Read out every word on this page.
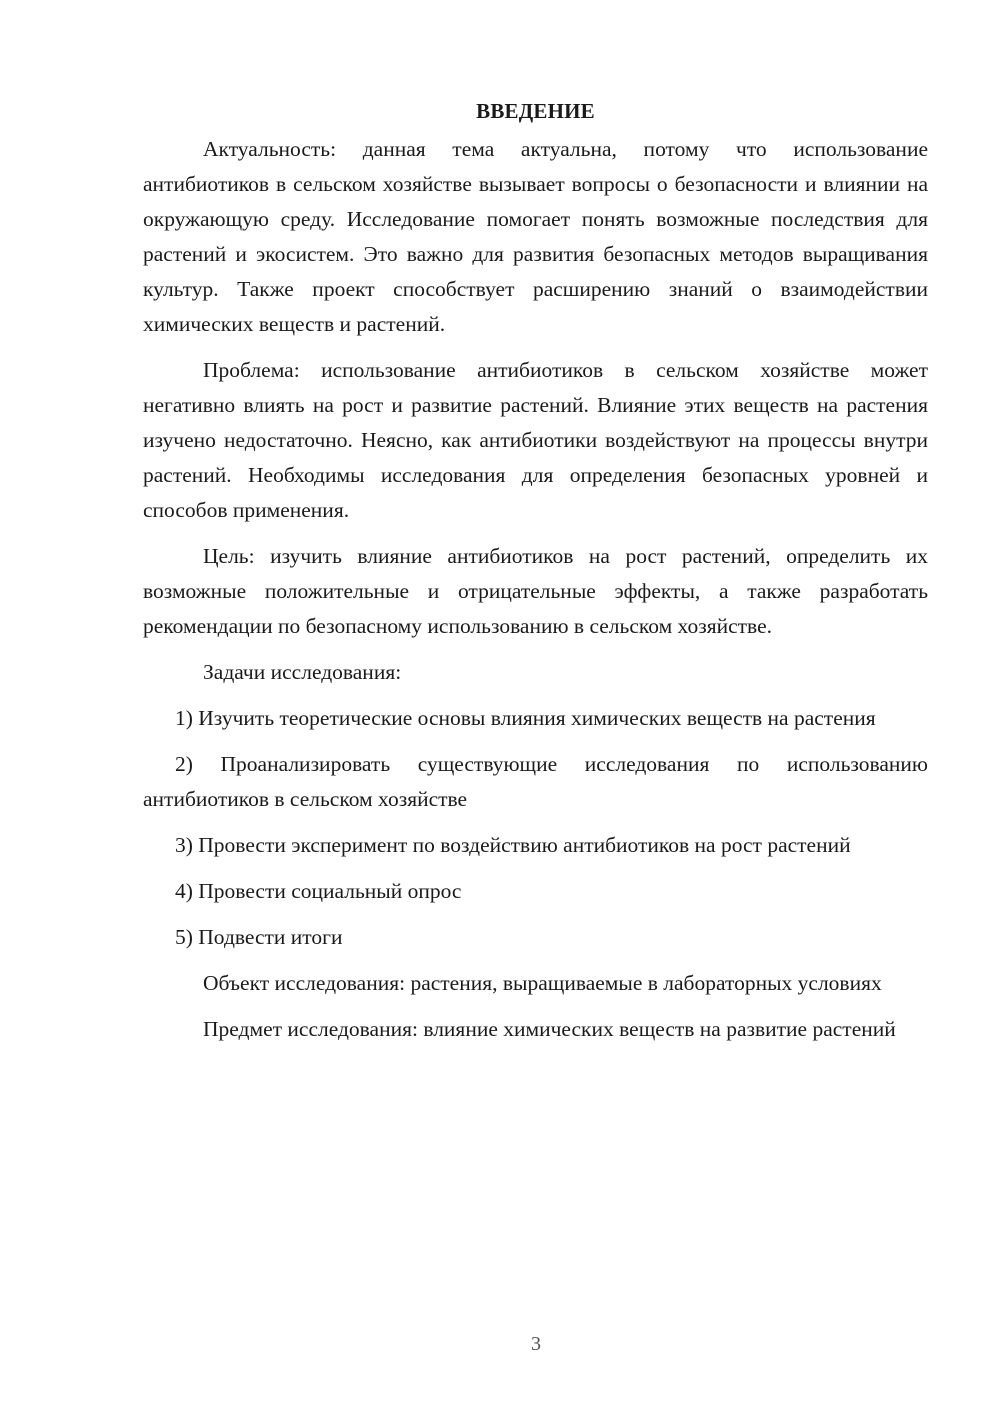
ВВЕДЕНИЕ

Актуальность: данная тема актуальна, потому что использование антибиотиков в сельском хозяйстве вызывает вопросы о безопасности и влиянии на окружающую среду. Исследование помогает понять возможные последствия для растений и экосистем. Это важно для развития безопасных методов выращивания культур. Также проект способствует расширению знаний о взаимодействии химических веществ и растений.

Проблема: использование антибиотиков в сельском хозяйстве может негативно влиять на рост и развитие растений. Влияние этих веществ на растения изучено недостаточно. Неясно, как антибиотики воздействуют на процессы внутри растений. Необходимы исследования для определения безопасных уровней и способов применения.

Цель: изучить влияние антибиотиков на рост растений, определить их возможные положительные и отрицательные эффекты, а также разработать рекомендации по безопасному использованию в сельском хозяйстве.

Задачи исследования:

1) Изучить теоретические основы влияния химических веществ на растения

2) Проанализировать существующие исследования по использованию антибиотиков в сельском хозяйстве

3) Провести эксперимент по воздействию антибиотиков на рост растений

4) Провести социальный опрос

5) Подвести итоги

Объект исследования: растения, выращиваемые в лабораторных условиях

Предмет исследования: влияние химических веществ на развитие растений

3
